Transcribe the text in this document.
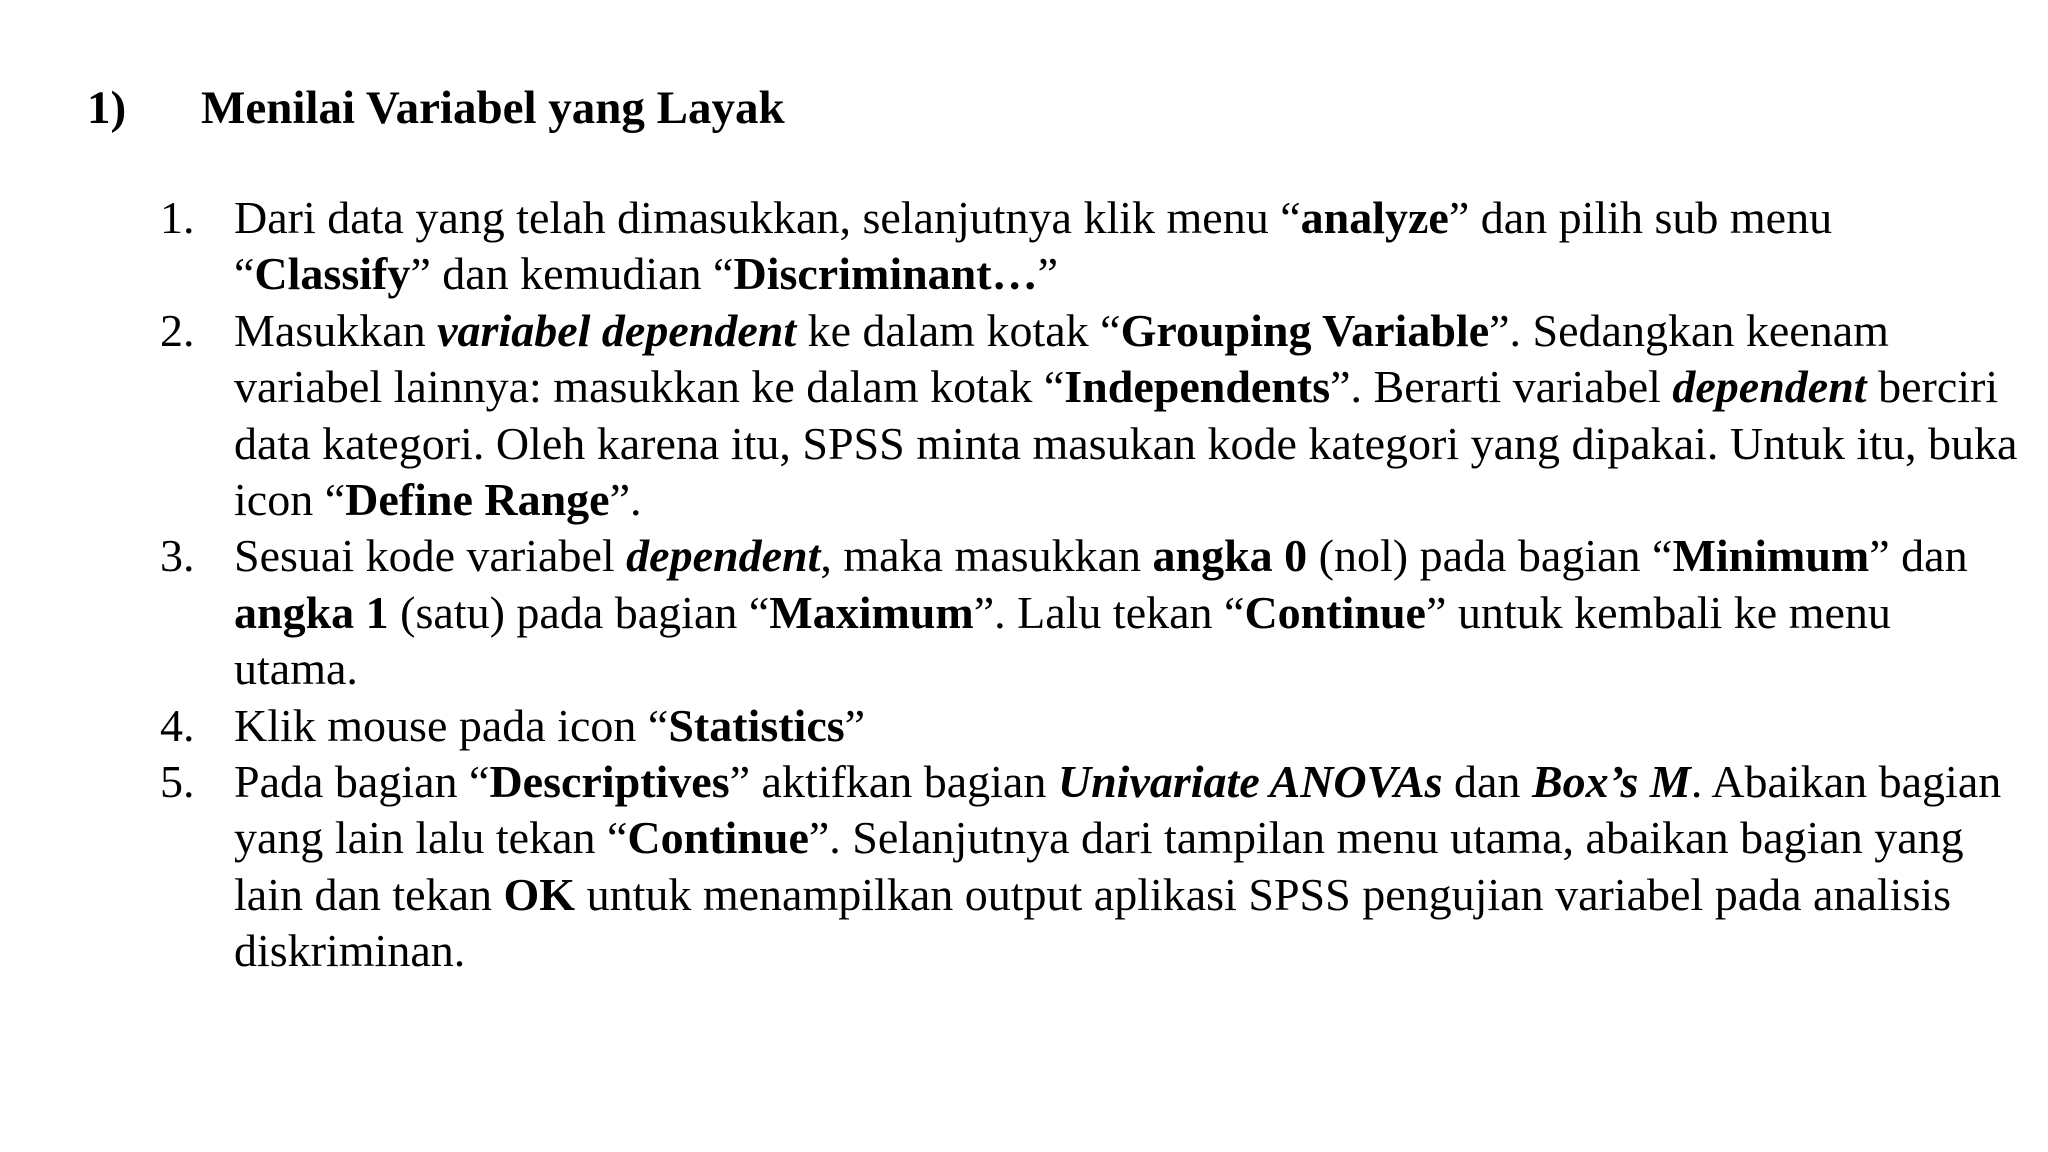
1) Menilai Variabel yang Layak
1. Dari data yang telah dimasukkan, selanjutnya klik menu “analyze” dan pilih sub menu “Classify” dan kemudian “Discriminant…”
2. Masukkan variabel dependent ke dalam kotak “Grouping Variable”. Sedangkan keenam variabel lainnya: masukkan ke dalam kotak “Independents”. Berarti variabel dependent berciri data kategori. Oleh karena itu, SPSS minta masukan kode kategori yang dipakai. Untuk itu, buka icon “Define Range”.
3. Sesuai kode variabel dependent, maka masukkan angka 0 (nol) pada bagian “Minimum” dan angka 1 (satu) pada bagian “Maximum”. Lalu tekan “Continue” untuk kembali ke menu utama.
4. Klik mouse pada icon “Statistics”
5. Pada bagian “Descriptives” aktifkan bagian Univariate ANOVAs dan Box’s M. Abaikan bagian yang lain lalu tekan “Continue”. Selanjutnya dari tampilan menu utama, abaikan bagian yang lain dan tekan OK untuk menampilkan output aplikasi SPSS pengujian variabel pada analisis diskriminan.
